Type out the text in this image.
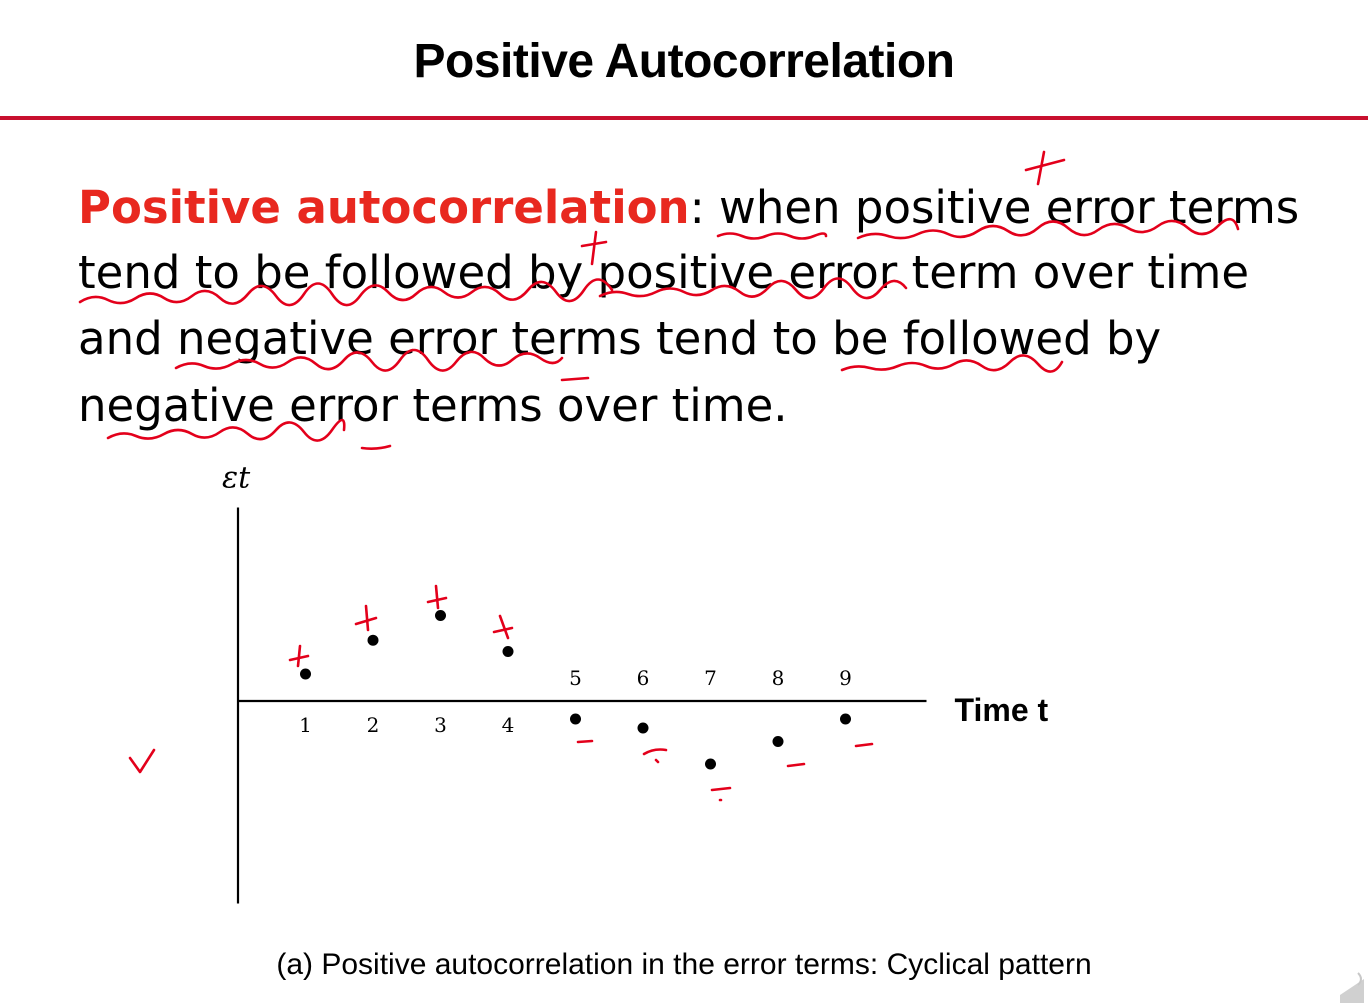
Positive Autocorrelation
Positive autocorrelation: when positive error terms
tend to be followed by positive error term over time
and negative error terms tend to be followed by
negative error terms over time.
εt
Time t
1	2	3	4
5	6	7	8	9
(a) Positive autocorrelation in the error terms: Cyclical pattern
